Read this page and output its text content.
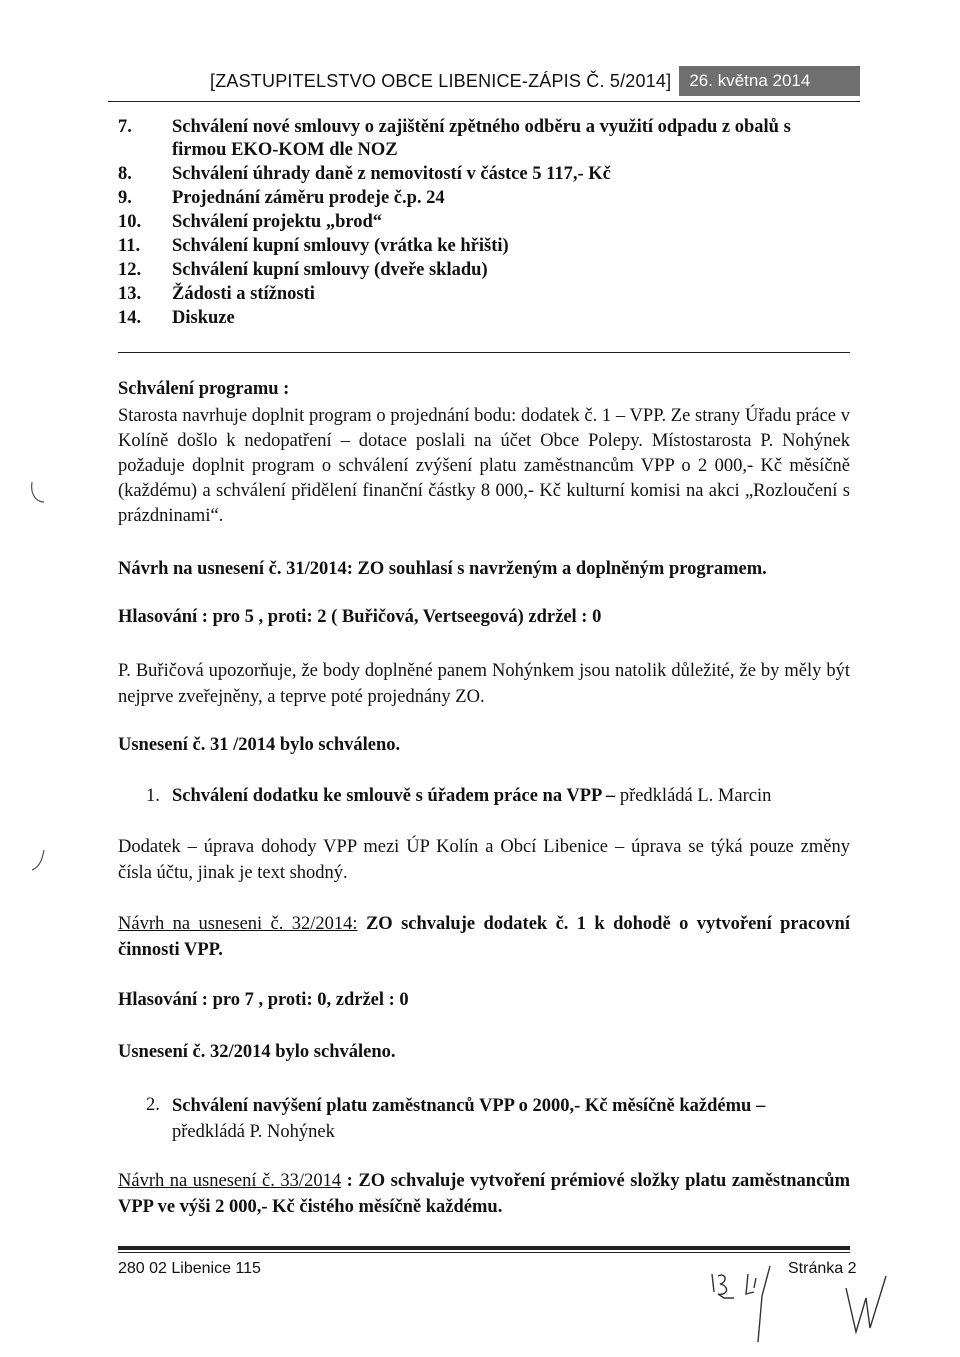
[ZASTUPITELSTVO OBCE LIBENICE-ZÁPIS Č. 5/2014]	26. května 2014
7.	Schválení nové smlouvy o zajištění zpětného odběru a využití odpadu z obalů s firmou EKO-KOM dle NOZ
8.	Schválení úhrady daně z nemovitostí v částce 5 117,- Kč
9.	Projednání záměru prodeje č.p. 24
10.	Schválení projektu „brod“
11.	Schválení kupní smlouvy (vrátka ke hřišti)
12.	Schválení kupní smlouvy (dveře skladu)
13.	Žádosti a stížnosti
14.	Diskuze
Schválení programu :
Starosta navrhuje doplnit program o projednání bodu: dodatek č. 1 – VPP. Ze strany Úřadu práce v Kolíně došlo k nedopatření – dotace poslali na účet Obce Polepy. Místostarosta P. Nohýnek požaduje doplnit program o schválení zvýšení platu zaměstnancům VPP o 2 000,- Kč měsíčně (každému) a schválení přidělení finanční částky 8 000,- Kč kulturní komisi na akci „Rozloučení s prázdninami“.
Návrh na usnesení č. 31/2014: ZO souhlasí s navrženým a doplněným programem.
Hlasování : pro 5 , proti: 2 ( Buřičová, Vertseegová) zdržel : 0
P. Buřičová upozorňuje, že body doplněné panem Nohýnkem jsou natolik důležité, že by měly být nejprve zveřejněny, a teprve poté projednány ZO.
Usnesení č. 31 /2014 bylo schváleno.
1. Schválení dodatku ke smlouvě s úřadem práce na VPP – předkládá L. Marcin
Dodatek – úprava dohody VPP mezi ÚP Kolín a Obcí Libenice – úprava se týká pouze změny čísla účtu, jinak je text shodný.
Návrh na usneseni č. 32/2014: ZO schvaluje dodatek č. 1 k dohodě o vytvoření pracovní činnosti VPP.
Hlasování : pro 7 , proti: 0, zdržel : 0
Usnesení č. 32/2014 bylo schváleno.
2. Schválení navýšení platu zaměstnanců VPP o 2000,- Kč měsíčně každému –
předkládá P. Nohýnek
Návrh na usnesení č. 33/2014 : ZO schvaluje vytvoření prémiové složky platu zaměstnancům VPP ve výši 2 000,- Kč čistého měsíčně každému.
280 02 Libenice 115	Stránka 2
